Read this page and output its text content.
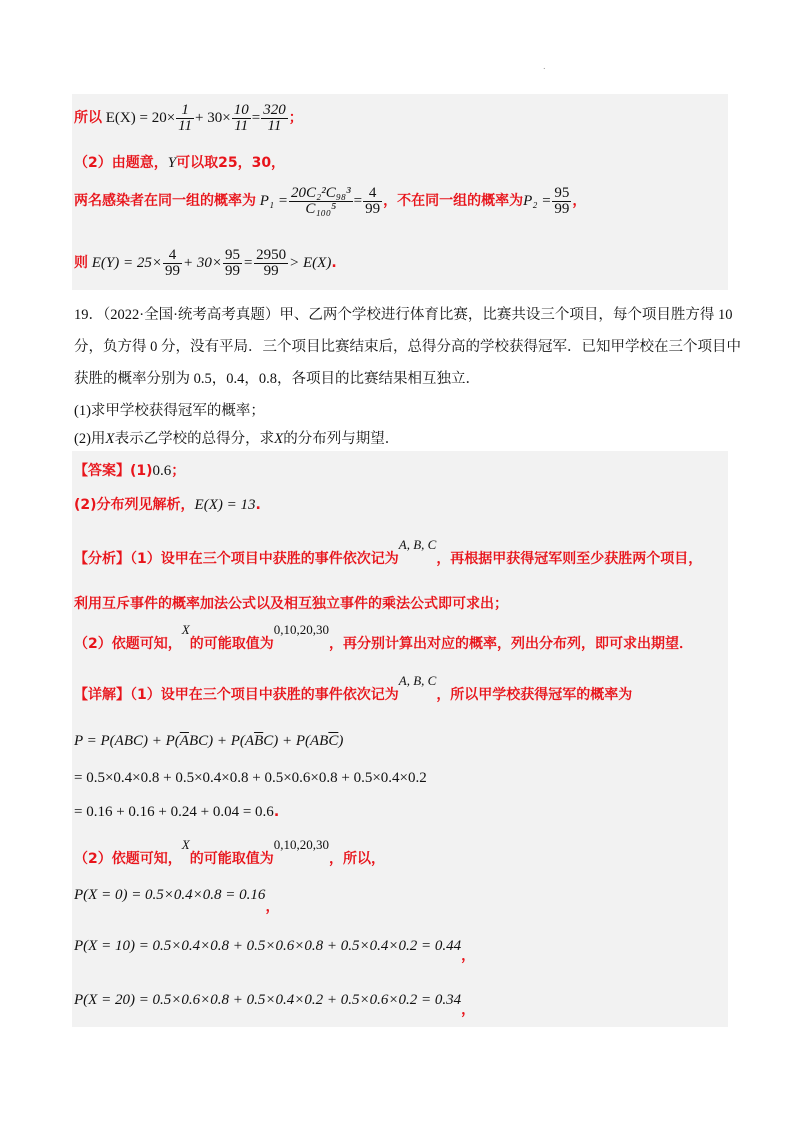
.
所以 $E(X) = 20\times \frac{1}{11} + 30\times \frac{10}{11} = \frac{320}{11}$ ；
（2）由题意，Y可以取25，30，
两名感染者在同一组的概率为 $P_1 = \frac{\text{20C₂²C₉₈³}}{\text{C₁₀₀⁵}} = \frac{4}{99}$ ，不在同一组的概率为$P_2 = \frac{95}{99}$ ，
则 $E(Y) = 25\times \frac{4}{99} + 30\times \frac{95}{99} = \frac{2950}{99} > E(X)$.
19．（2022·全国·统考高考真题）甲、乙两个学校进行体育比赛，比赛共设三个项目，每个项目胜方得 10
分，负方得 0 分，没有平局．三个项目比赛结束后，总得分高的学校获得冠军．已知甲学校在三个项目中
获胜的概率分别为 0.5，0.4，0.8，各项目的比赛结果相互独立．
(1)求甲学校获得冠军的概率；
(2)用X表示乙学校的总得分，求X的分布列与期望．
【答案】(1)0.6；
(2)分布列见解析，E(X) = 13.
【分析】（1）设甲在三个项目中获胜的事件依次记为$^{A, B, C}$，再根据甲获得冠军则至少获胜两个项目，
利用互斥事件的概率加法公式以及相互独立事件的乘法公式即可求出；
（2）依题可知，$^X$的可能取值为$^{0,10,20,30}$，再分别计算出对应的概率，列出分布列，即可求出期望．
【详解】（1）设甲在三个项目中获胜的事件依次记为$^{A, B, C}$，所以甲学校获得冠军的概率为
$P = P(ABC) + P(\overline{A}BC) + P(A\overline{B}C) + P(AB\overline{C})$
= 0.5×0.4×0.8 + 0.5×0.4×0.8 + 0.5×0.6×0.8 + 0.5×0.4×0.2
= 0.16 + 0.16 + 0.24 + 0.04 = 0.6.
（2）依题可知，$^X$的可能取值为$^{0,10,20,30}$，所以，
P(X = 0) = 0.5×0.4×0.8 = 0.16，
P(X = 10) = 0.5×0.4×0.8 + 0.5×0.6×0.8 + 0.5×0.4×0.2 = 0.44，
P(X = 20) = 0.5×0.6×0.8 + 0.5×0.4×0.2 + 0.5×0.6×0.2 = 0.34，
